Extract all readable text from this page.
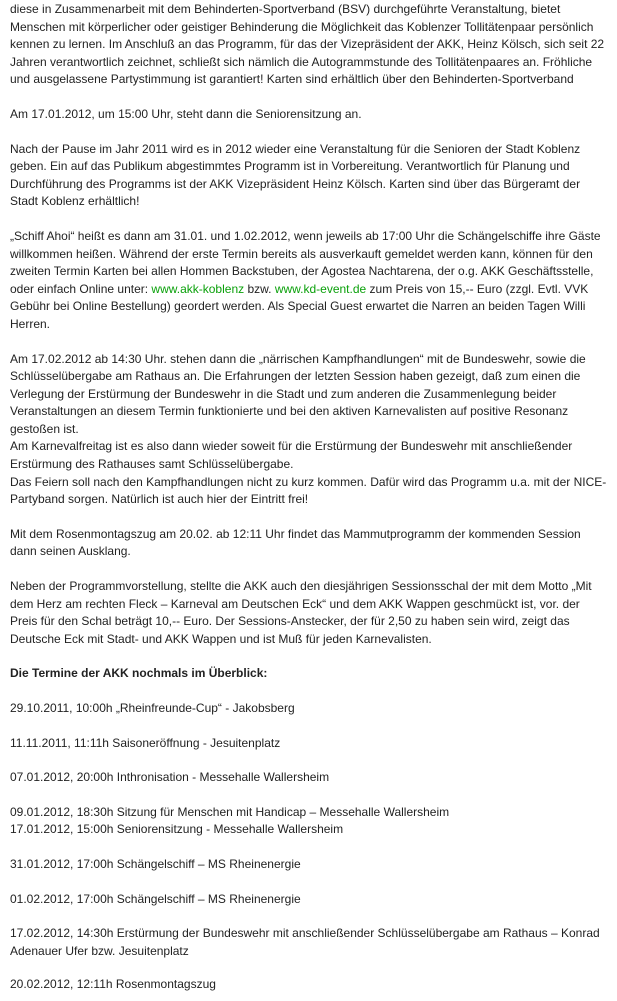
diese in Zusammenarbeit mit dem Behinderten-Sportverband (BSV) durchgeführte Veranstaltung, bietet Menschen mit körperlicher oder geistiger Behinderung die Möglichkeit das Koblenzer Tollitätenpaar persönlich kennen zu lernen. Im Anschluß an das Programm, für das der Vizepräsident der AKK, Heinz Kölsch, sich seit 22 Jahren verantwortlich zeichnet, schließt sich nämlich die Autogrammstunde des Tollitätenpaares an. Fröhliche und ausgelassene Partystimmung ist garantiert! Karten sind erhältlich über den Behinderten-Sportverband

Am 17.01.2012, um 15:00 Uhr, steht dann die Seniorensitzung an.

Nach der Pause im Jahr 2011 wird es in 2012 wieder eine Veranstaltung für die Senioren der Stadt Koblenz geben. Ein auf das Publikum abgestimmtes Programm ist in Vorbereitung. Verantwortlich für Planung und Durchführung des Programms ist der AKK Vizepräsident Heinz Kölsch. Karten sind über das Bürgeramt der Stadt Koblenz erhältlich!

„Schiff Ahoi“ heißt es dann am 31.01. und 1.02.2012, wenn jeweils ab 17:00 Uhr die Schängelschiffe ihre Gäste willkommen heißen. Während der erste Termin bereits als ausverkauft gemeldet werden kann, können für den zweiten Termin Karten bei allen Hommen Backstuben, der Agostea Nachtarena, der o.g. AKK Geschäftsstelle, oder einfach Online unter: www.akk-koblenz bzw. www.kd-event.de zum Preis von 15,-- Euro (zzgl. Evtl. VVK Gebühr bei Online Bestellung) geordert werden. Als Special Guest erwartet die Narren an beiden Tagen Willi Herren.

Am 17.02.2012 ab 14:30 Uhr. stehen dann die „närrischen Kampfhandlungen“ mit de Bundeswehr, sowie die Schlüsselübergabe am Rathaus an. Die Erfahrungen der letzten Session haben gezeigt, daß zum einen die Verlegung der Erstürmung der Bundeswehr in die Stadt und zum anderen die Zusammenlegung beider Veranstaltungen an diesem Termin funktionierte und bei den aktiven Karnevalisten auf positive Resonanz gestoßen ist.

Am Karnevalfreitag ist es also dann wieder soweit für die Erstürmung der Bundeswehr mit anschließender Erstürmung des Rathauses samt Schlüsselübergabe.

Das Feiern soll nach den Kampfhandlungen nicht zu kurz kommen. Dafür wird das Programm u.a. mit der NICE-Partyband sorgen. Natürlich ist auch hier der Eintritt frei!

Mit dem Rosenmontagszug am 20.02. ab 12:11 Uhr findet das Mammutprogramm der kommenden Session dann seinen Ausklang.

Neben der Programmvorstellung, stellte die AKK auch den diesjährigen Sessionsschal der mit dem Motto „Mit dem Herz am rechten Fleck – Karneval am Deutschen Eck“ und dem AKK Wappen geschmückt ist, vor. der Preis für den Schal beträgt 10,-- Euro. Der Sessions-Anstecker, der für 2,50 zu haben sein wird, zeigt das Deutsche Eck mit Stadt- und AKK Wappen und ist Muß für jeden Karnevalisten.

Die Termine der AKK nochmals im Überblick:

29.10.2011, 10:00h „Rheinfreunde-Cup“ - Jakobsberg

11.11.2011, 11:11h Saisoneröffnung - Jesuitenplatz

07.01.2012, 20:00h Inthronisation - Messehalle Wallersheim

09.01.2012, 18:30h Sitzung für Menschen mit Handicap – Messehalle Wallersheim

17.01.2012, 15:00h Seniorensitzung - Messehalle Wallersheim

31.01.2012, 17:00h Schängelschiff – MS Rheinenergie

01.02.2012, 17:00h Schängelschiff – MS Rheinenergie

17.02.2012, 14:30h Erstürmung der Bundeswehr mit anschließender Schlüsselübergabe am Rathaus – Konrad Adenauer Ufer bzw. Jesuitenplatz

20.02.2012, 12:11h Rosenmontagszug
